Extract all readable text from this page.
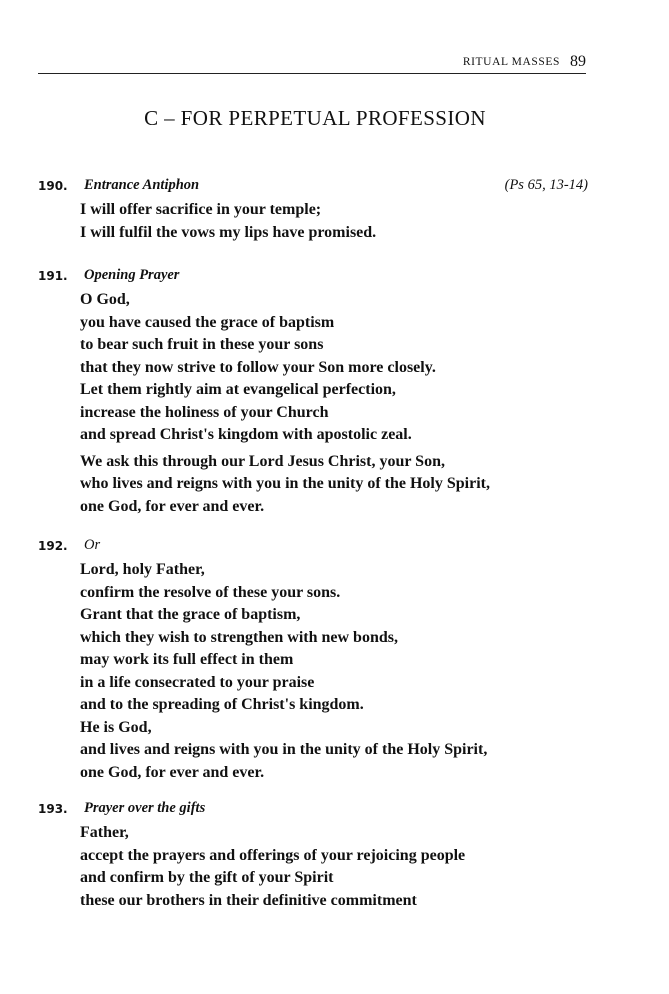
RITUAL MASSES 89
C – FOR PERPETUAL PROFESSION
190. Entrance Antiphon	(Ps 65, 13-14)
I will offer sacrifice in your temple;
I will fulfil the vows my lips have promised.
191. Opening Prayer
O God,
you have caused the grace of baptism
to bear such fruit in these your sons
that they now strive to follow your Son more closely.
Let them rightly aim at evangelical perfection,
increase the holiness of your Church
and spread Christ's kingdom with apostolic zeal.
We ask this through our Lord Jesus Christ, your Son,
who lives and reigns with you in the unity of the Holy Spirit,
one God, for ever and ever.
192. Or
Lord, holy Father,
confirm the resolve of these your sons.
Grant that the grace of baptism,
which they wish to strengthen with new bonds,
may work its full effect in them
in a life consecrated to your praise
and to the spreading of Christ's kingdom.
He is God,
and lives and reigns with you in the unity of the Holy Spirit,
one God, for ever and ever.
193. Prayer over the gifts
Father,
accept the prayers and offerings of your rejoicing people
and confirm by the gift of your Spirit
these our brothers in their definitive commitment
